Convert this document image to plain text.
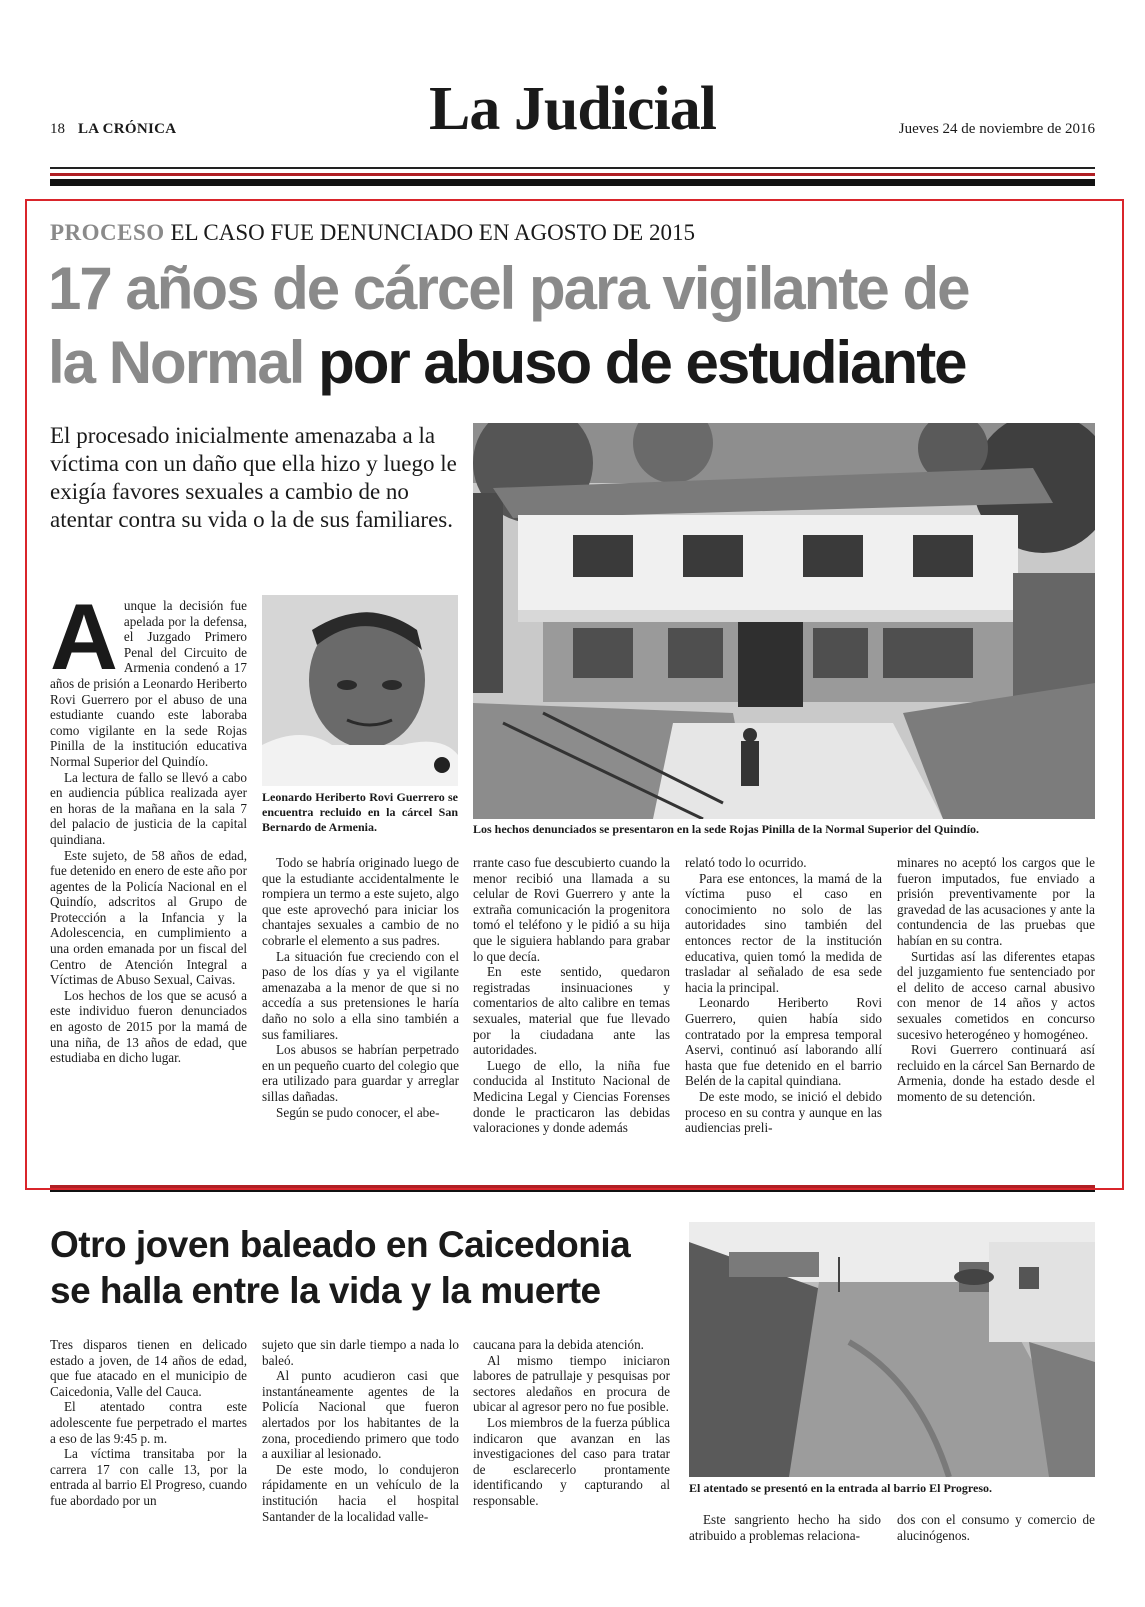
18 LA CRÓNICA	La Judicial	Jueves 24 de noviembre de 2016
PROCESO EL CASO FUE DENUNCIADO EN AGOSTO DE 2015
17 años de cárcel para vigilante de
la Normal por abuso de estudiante
El procesado inicialmente amenazaba a la víctima con un daño que ella hizo y luego le exigía favores sexuales a cambio de no atentar contra su vida o la de sus familiares.
Los hechos denunciados se presentaron en la sede Rojas Pinilla de la Normal Superior del Quindío.
Leonardo Heriberto Rovi Guerrero se encuentra recluido en la cárcel San Bernardo de Armenia.

Aunque la decisión fue apelada por la defensa, el Juzgado Primero Penal del Circuito de Armenia condenó a 17 años de prisión a Leonardo Heriberto Rovi Guerrero por el abuso de una estudiante cuando este laboraba como vigilante en la sede Rojas Pinilla de la institución educativa Normal Superior del Quindío.

La lectura de fallo se llevó a cabo en audiencia pública realizada ayer en horas de la mañana en la sala 7 del palacio de justicia de la capital quindiana.

Este sujeto, de 58 años de edad, fue detenido en enero de este año por agentes de la Policía Nacional en el Quindío, adscritos al Grupo de Protección a la Infancia y la Adolescencia, en cumplimiento a una orden emanada por un fiscal del Centro de Atención Integral a Víctimas de Abuso Sexual, Caivas.

Los hechos de los que se acusó a este individuo fueron denunciados en agosto de 2015 por la mamá de una niña, de 13 años de edad, que estudiaba en dicho lugar.

Todo se habría originado luego de que la estudiante accidentalmente le rompiera un termo a este sujeto, algo que este aprovechó para iniciar los chantajes sexuales a cambio de no cobrarle el elemento a sus padres.

La situación fue creciendo con el paso de los días y ya el vigilante amenazaba a la menor de que si no accedía a sus pretensiones le haría daño no solo a ella sino también a sus familiares.

Los abusos se habrían perpetrado en un pequeño cuarto del colegio que era utilizado para guardar y arreglar sillas dañadas.

Según se pudo conocer, el abe-

rrante caso fue descubierto cuando la menor recibió una llamada a su celular de Rovi Guerrero y ante la extraña comunicación la progenitora tomó el teléfono y le pidió a su hija que le siguiera hablando para grabar lo que decía.

En este sentido, quedaron registradas insinuaciones y comentarios de alto calibre en temas sexuales, material que fue llevado por la ciudadana ante las autoridades.

Luego de ello, la niña fue conducida al Instituto Nacional de Medicina Legal y Ciencias Forenses donde le practicaron las debidas valoraciones y donde además

relató todo lo ocurrido.

Para ese entonces, la mamá de la víctima puso el caso en conocimiento no solo de las autoridades sino también del entonces rector de la institución educativa, quien tomó la medida de trasladar al señalado de esa sede hacia la principal.

Leonardo Heriberto Rovi Guerrero, quien había sido contratado por la empresa temporal Aservi, continuó así laborando allí hasta que fue detenido en el barrio Belén de la capital quindiana.

De este modo, se inició el debido proceso en su contra y aunque en las audiencias preli-

minares no aceptó los cargos que le fueron imputados, fue enviado a prisión preventivamente por la gravedad de las acusaciones y ante la contundencia de las pruebas que habían en su contra.

Surtidas así las diferentes etapas del juzgamiento fue sentenciado por el delito de acceso carnal abusivo con menor de 14 años y actos sexuales cometidos en concurso sucesivo heterogéneo y homogéneo.

Rovi Guerrero continuará así recluido en la cárcel San Bernardo de Armenia, donde ha estado desde el momento de su detención.

Otro joven baleado en Caicedonia
se halla entre la vida y la muerte
El atentado se presentó en la entrada al barrio El Progreso.

Tres disparos tienen en delicado estado a joven, de 14 años de edad, que fue atacado en el municipio de Caicedonia, Valle del Cauca.

El atentado contra este adolescente fue perpetrado el martes a eso de las 9:45 p. m.

La víctima transitaba por la carrera 17 con calle 13, por la entrada al barrio El Progreso, cuando fue abordado por un

sujeto que sin darle tiempo a nada lo baleó.

Al punto acudieron casi que instantáneamente agentes de la Policía Nacional que fueron alertados por los habitantes de la zona, procediendo primero que todo a auxiliar al lesionado.

De este modo, lo condujeron rápidamente en un vehículo de la institución hacia el hospital Santander de la localidad valle-

caucana para la debida atención.

Al mismo tiempo iniciaron labores de patrullaje y pesquisas por sectores aledaños en procura de ubicar al agresor pero no fue posible.

Los miembros de la fuerza pública indicaron que avanzan en las investigaciones del caso para tratar de esclarecerlo prontamente identificando y capturando al responsable.

Este sangriento hecho ha sido atribuido a problemas relaciona-

dos con el consumo y comercio de alucinógenos.
